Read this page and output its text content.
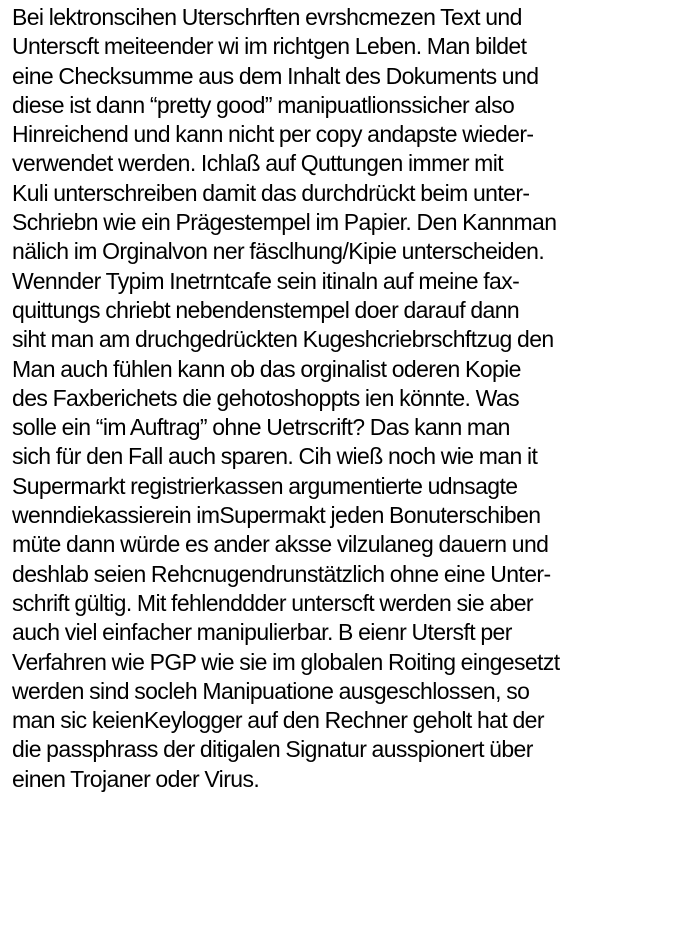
Bei lektronscihen Uterschrften evrshcmezen Text und
Unterscft meiteender wi im richtgen Leben. Man bildet
eine Checksumme aus dem Inhalt des Dokuments und
diese ist dann “pretty good” manipuatlionssicher also
Hinreichend und kann nicht per copy andapste wieder-
verwendet werden. Ichlaß auf Quttungen immer mit
Kuli unterschreiben damit das durchdrückt beim unter-
Schriebn wie ein Prägestempel im Papier. Den Kannman
nälich im Orginalvon ner fäsclhung/Kipie unterscheiden.
Wennder Typim Inetrntcafe sein itinaln auf meine fax-
quittungs chriebt nebendenstempel doer darauf dann
siht man am druchgedrückten Kugeshcriebrschftzug den
Man auch fühlen kann ob das orginalist oderen Kopie
des Faxberichets die gehotoshoppts ien könnte. Was
solle ein “im Auftrag” ohne Uetrscrift? Das kann man
sich für den Fall auch sparen. Cih wieß noch wie man it
Supermarkt registrierkassen argumentierte udnsagte
wenndiekassierein imSupermakt jeden Bonuterschiben
müte dann würde es ander aksse vilzulaneg dauern und
deshlab seien Rehcnugendrunstätzlich ohne eine Unter-
schrift gültig. Mit fehlenddder unterscft werden sie aber
auch viel einfacher manipulierbar. B eienr Utersft per
Verfahren wie PGP wie sie im globalen Roiting eingesetzt
werden sind socleh Manipuatione ausgeschlossen, so
man sic keienKeylogger auf den Rechner geholt hat der
die passphrass der ditigalen Signatur ausspionert über
einen Trojaner oder Virus.
